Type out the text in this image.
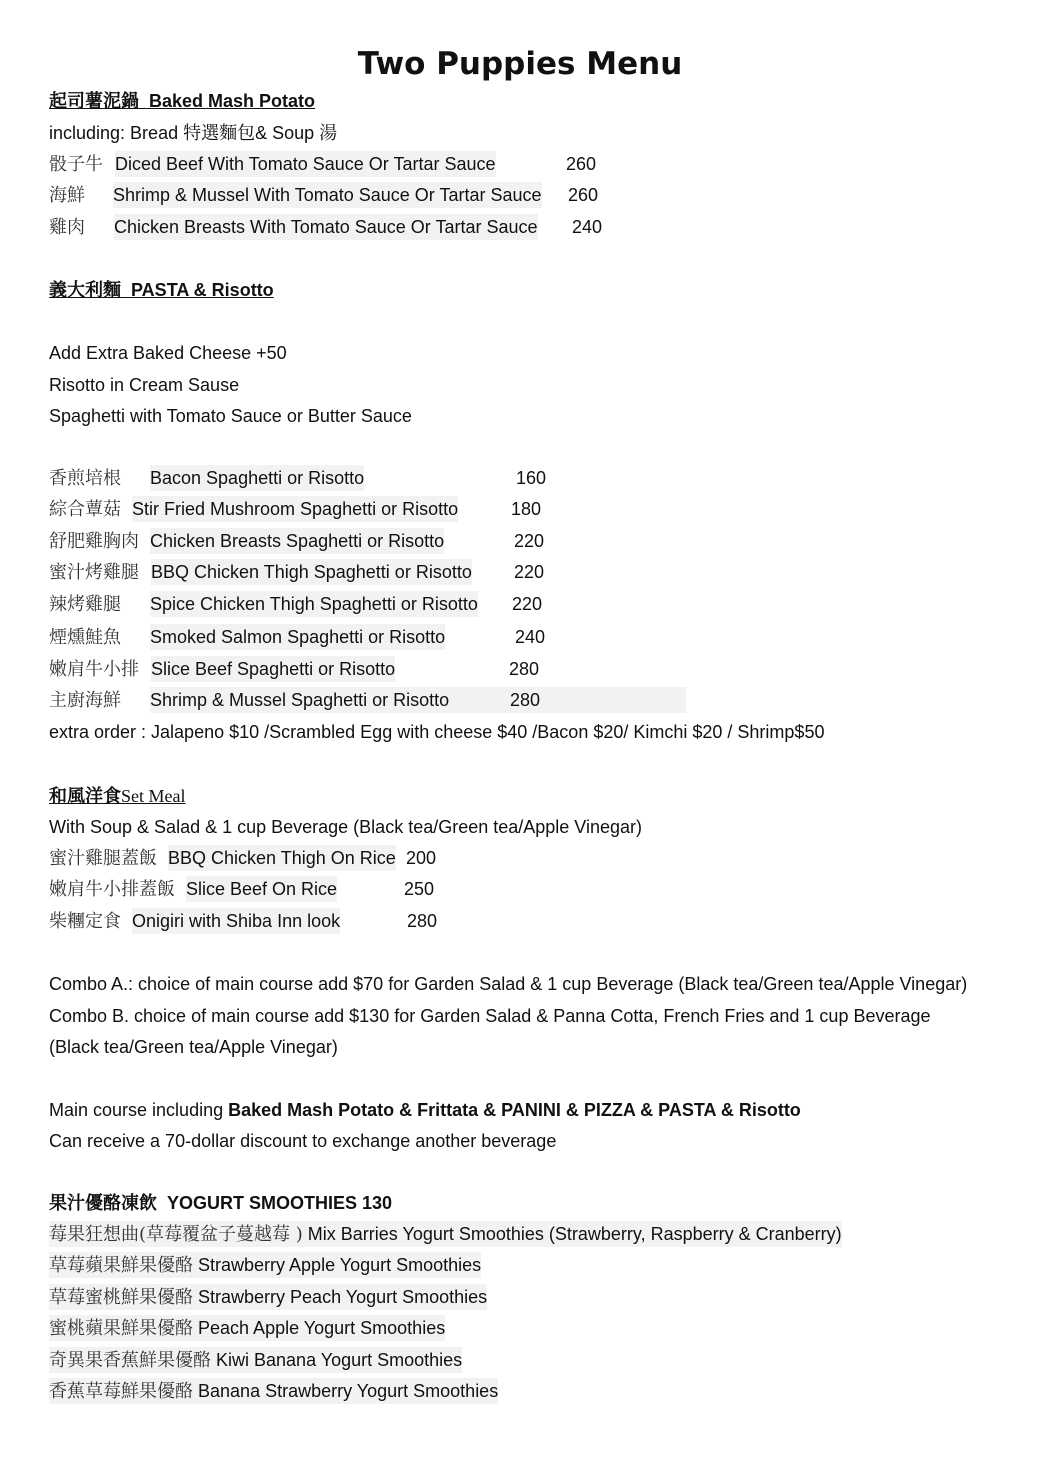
Two Puppies Menu
起司薯泥鍋 Baked Mash Potato
including: Bread 特選麵包& Soup 湯
骰子牛 Diced Beef With Tomato Sauce Or Tartar Sauce	260
海鮮 Shrimp & Mussel With Tomato Sauce Or Tartar Sauce 260
雞肉 Chicken Breasts With Tomato Sauce Or Tartar Sauce 240
義大利麵 PASTA & Risotto
Add Extra Baked Cheese +50
Risotto in Cream Sause
Spaghetti with Tomato Sauce or Butter Sauce
香煎培根 Bacon Spaghetti or Risotto	160
綜合蕈菇 Stir Fried Mushroom Spaghetti or Risotto	180
舒肥雞胸肉 Chicken Breasts Spaghetti or Risotto	220
蜜汁烤雞腿 BBQ Chicken Thigh Spaghetti or Risotto 220
辣烤雞腿 Spice Chicken Thigh Spaghetti or Risotto 220
煙燻鮭魚 Smoked Salmon Spaghetti or Risotto	240
嫩肩牛小排 Slice Beef Spaghetti or Risotto	280
主廚海鮮 Shrimp & Mussel Spaghetti or Risotto	280
extra order : Jalapeno $10 /Scrambled Egg with cheese $40 /Bacon $20/ Kimchi $20 / Shrimp$50
和風洋食Set Meal
With Soup & Salad & 1 cup Beverage (Black tea/Green tea/Apple Vinegar)
蜜汁雞腿蓋飯 BBQ Chicken Thigh On Rice 200
嫩肩牛小排蓋飯 Slice Beef On Rice	250
柴糰定食 Onigiri with Shiba Inn look	280
Combo A.: choice of main course add $70 for Garden Salad & 1 cup Beverage (Black tea/Green tea/Apple Vinegar)
Combo B. choice of main course add $130 for Garden Salad & Panna Cotta, French Fries and 1 cup Beverage
(Black tea/Green tea/Apple Vinegar)
Main course including Baked Mash Potato & Frittata & PANINI & PIZZA & PASTA & Risotto
Can receive a 70-dollar discount to exchange another beverage
果汁優酪凍飲 YOGURT SMOOTHIES 130
莓果狂想曲(草莓覆盆子蔓越莓 ) Mix Barries Yogurt Smoothies (Strawberry, Raspberry & Cranberry)
草莓蘋果鮮果優酪 Strawberry Apple Yogurt Smoothies
草莓蜜桃鮮果優酪 Strawberry Peach Yogurt Smoothies
蜜桃蘋果鮮果優酪 Peach Apple Yogurt Smoothies
奇異果香蕉鮮果優酪 Kiwi Banana Yogurt Smoothies
香蕉草莓鮮果優酪 Banana Strawberry Yogurt Smoothies
